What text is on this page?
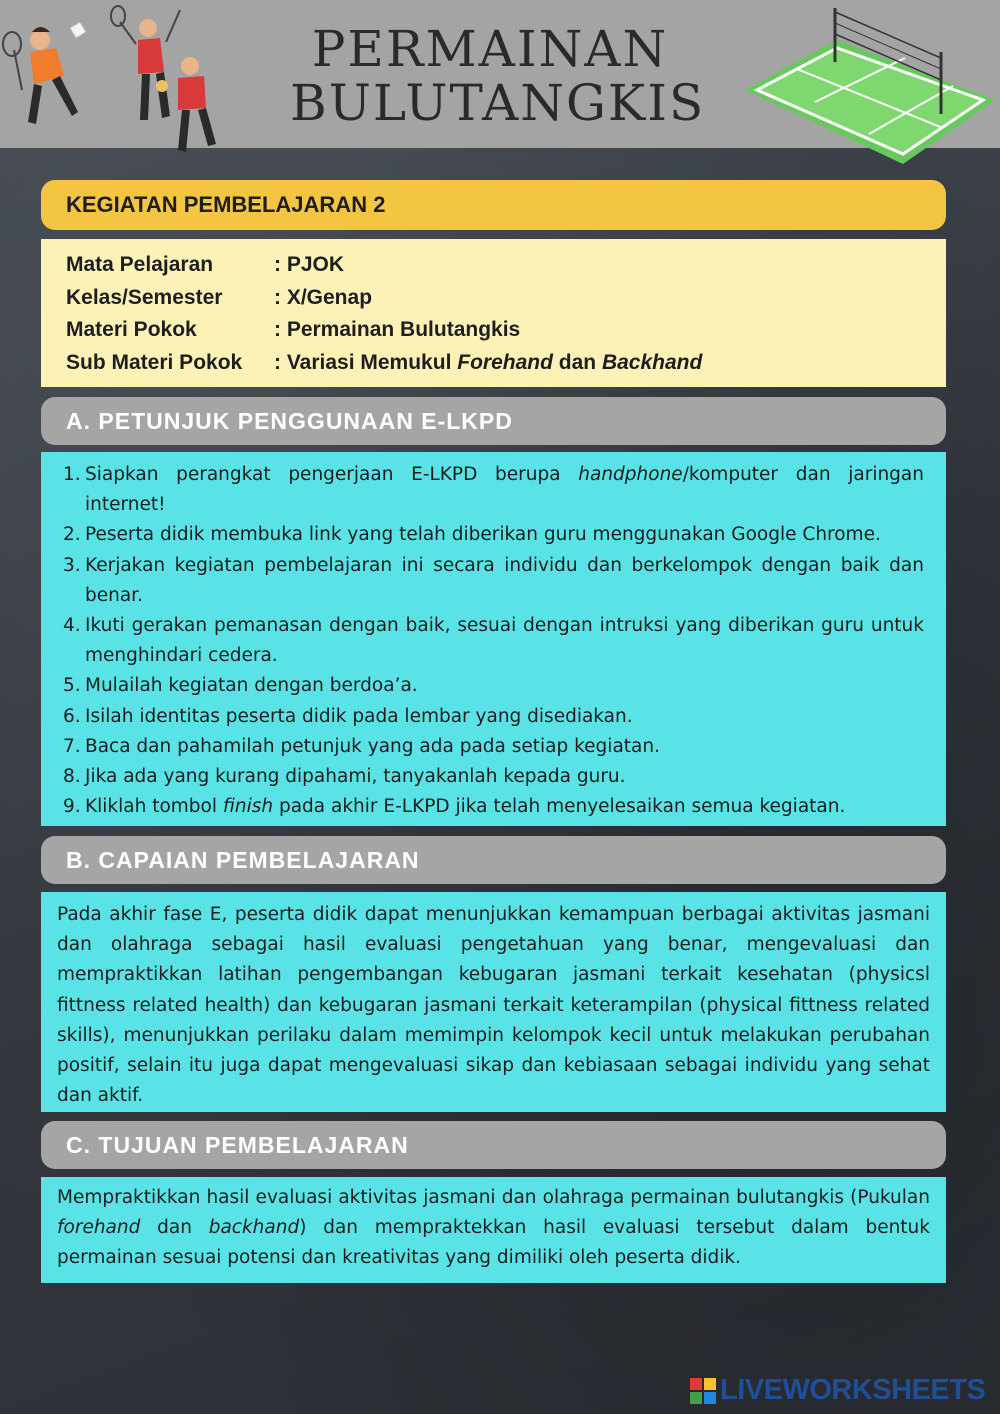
PERMAINAN
BULUTANGKIS
KEGIATAN PEMBELAJARAN 2
Mata Pelajaran	: PJOK
Kelas/Semester	: X/Genap
Materi Pokok	: Permainan Bulutangkis
Sub Materi Pokok	: Variasi Memukul Forehand dan Backhand
A. PETUNJUK PENGGUNAAN E-LKPD
1. Siapkan perangkat pengerjaan E-LKPD berupa handphone/komputer dan jaringan internet!
2. Peserta didik membuka link yang telah diberikan guru menggunakan Google Chrome.
3. Kerjakan kegiatan pembelajaran ini secara individu dan berkelompok dengan baik dan benar.
4. Ikuti gerakan pemanasan dengan baik, sesuai dengan intruksi yang diberikan guru untuk menghindari cedera.
5. Mulailah kegiatan dengan berdoa’a.
6. Isilah identitas peserta didik pada lembar yang disediakan.
7. Baca dan pahamilah petunjuk yang ada pada setiap kegiatan.
8. Jika ada yang kurang dipahami, tanyakanlah kepada guru.
9. Kliklah tombol finish pada akhir E-LKPD jika telah menyelesaikan semua kegiatan.
B. CAPAIAN PEMBELAJARAN
Pada akhir fase E, peserta didik dapat menunjukkan kemampuan berbagai aktivitas jasmani dan olahraga sebagai hasil evaluasi pengetahuan yang benar, mengevaluasi dan mempraktikkan latihan pengembangan kebugaran jasmani terkait kesehatan (physicsl fittness related health) dan kebugaran jasmani terkait keterampilan (physical fittness related skills), menunjukkan perilaku dalam memimpin kelompok kecil untuk melakukan perubahan positif, selain itu juga dapat mengevaluasi sikap dan kebiasaan sebagai individu yang sehat dan aktif.
C. TUJUAN PEMBELAJARAN
Mempraktikkan hasil evaluasi aktivitas jasmani dan olahraga permainan bulutangkis (Pukulan forehand dan backhand) dan mempraktekkan hasil evaluasi tersebut dalam bentuk permainan sesuai potensi dan kreativitas yang dimiliki oleh peserta didik.
LIVEWORKSHEETS
